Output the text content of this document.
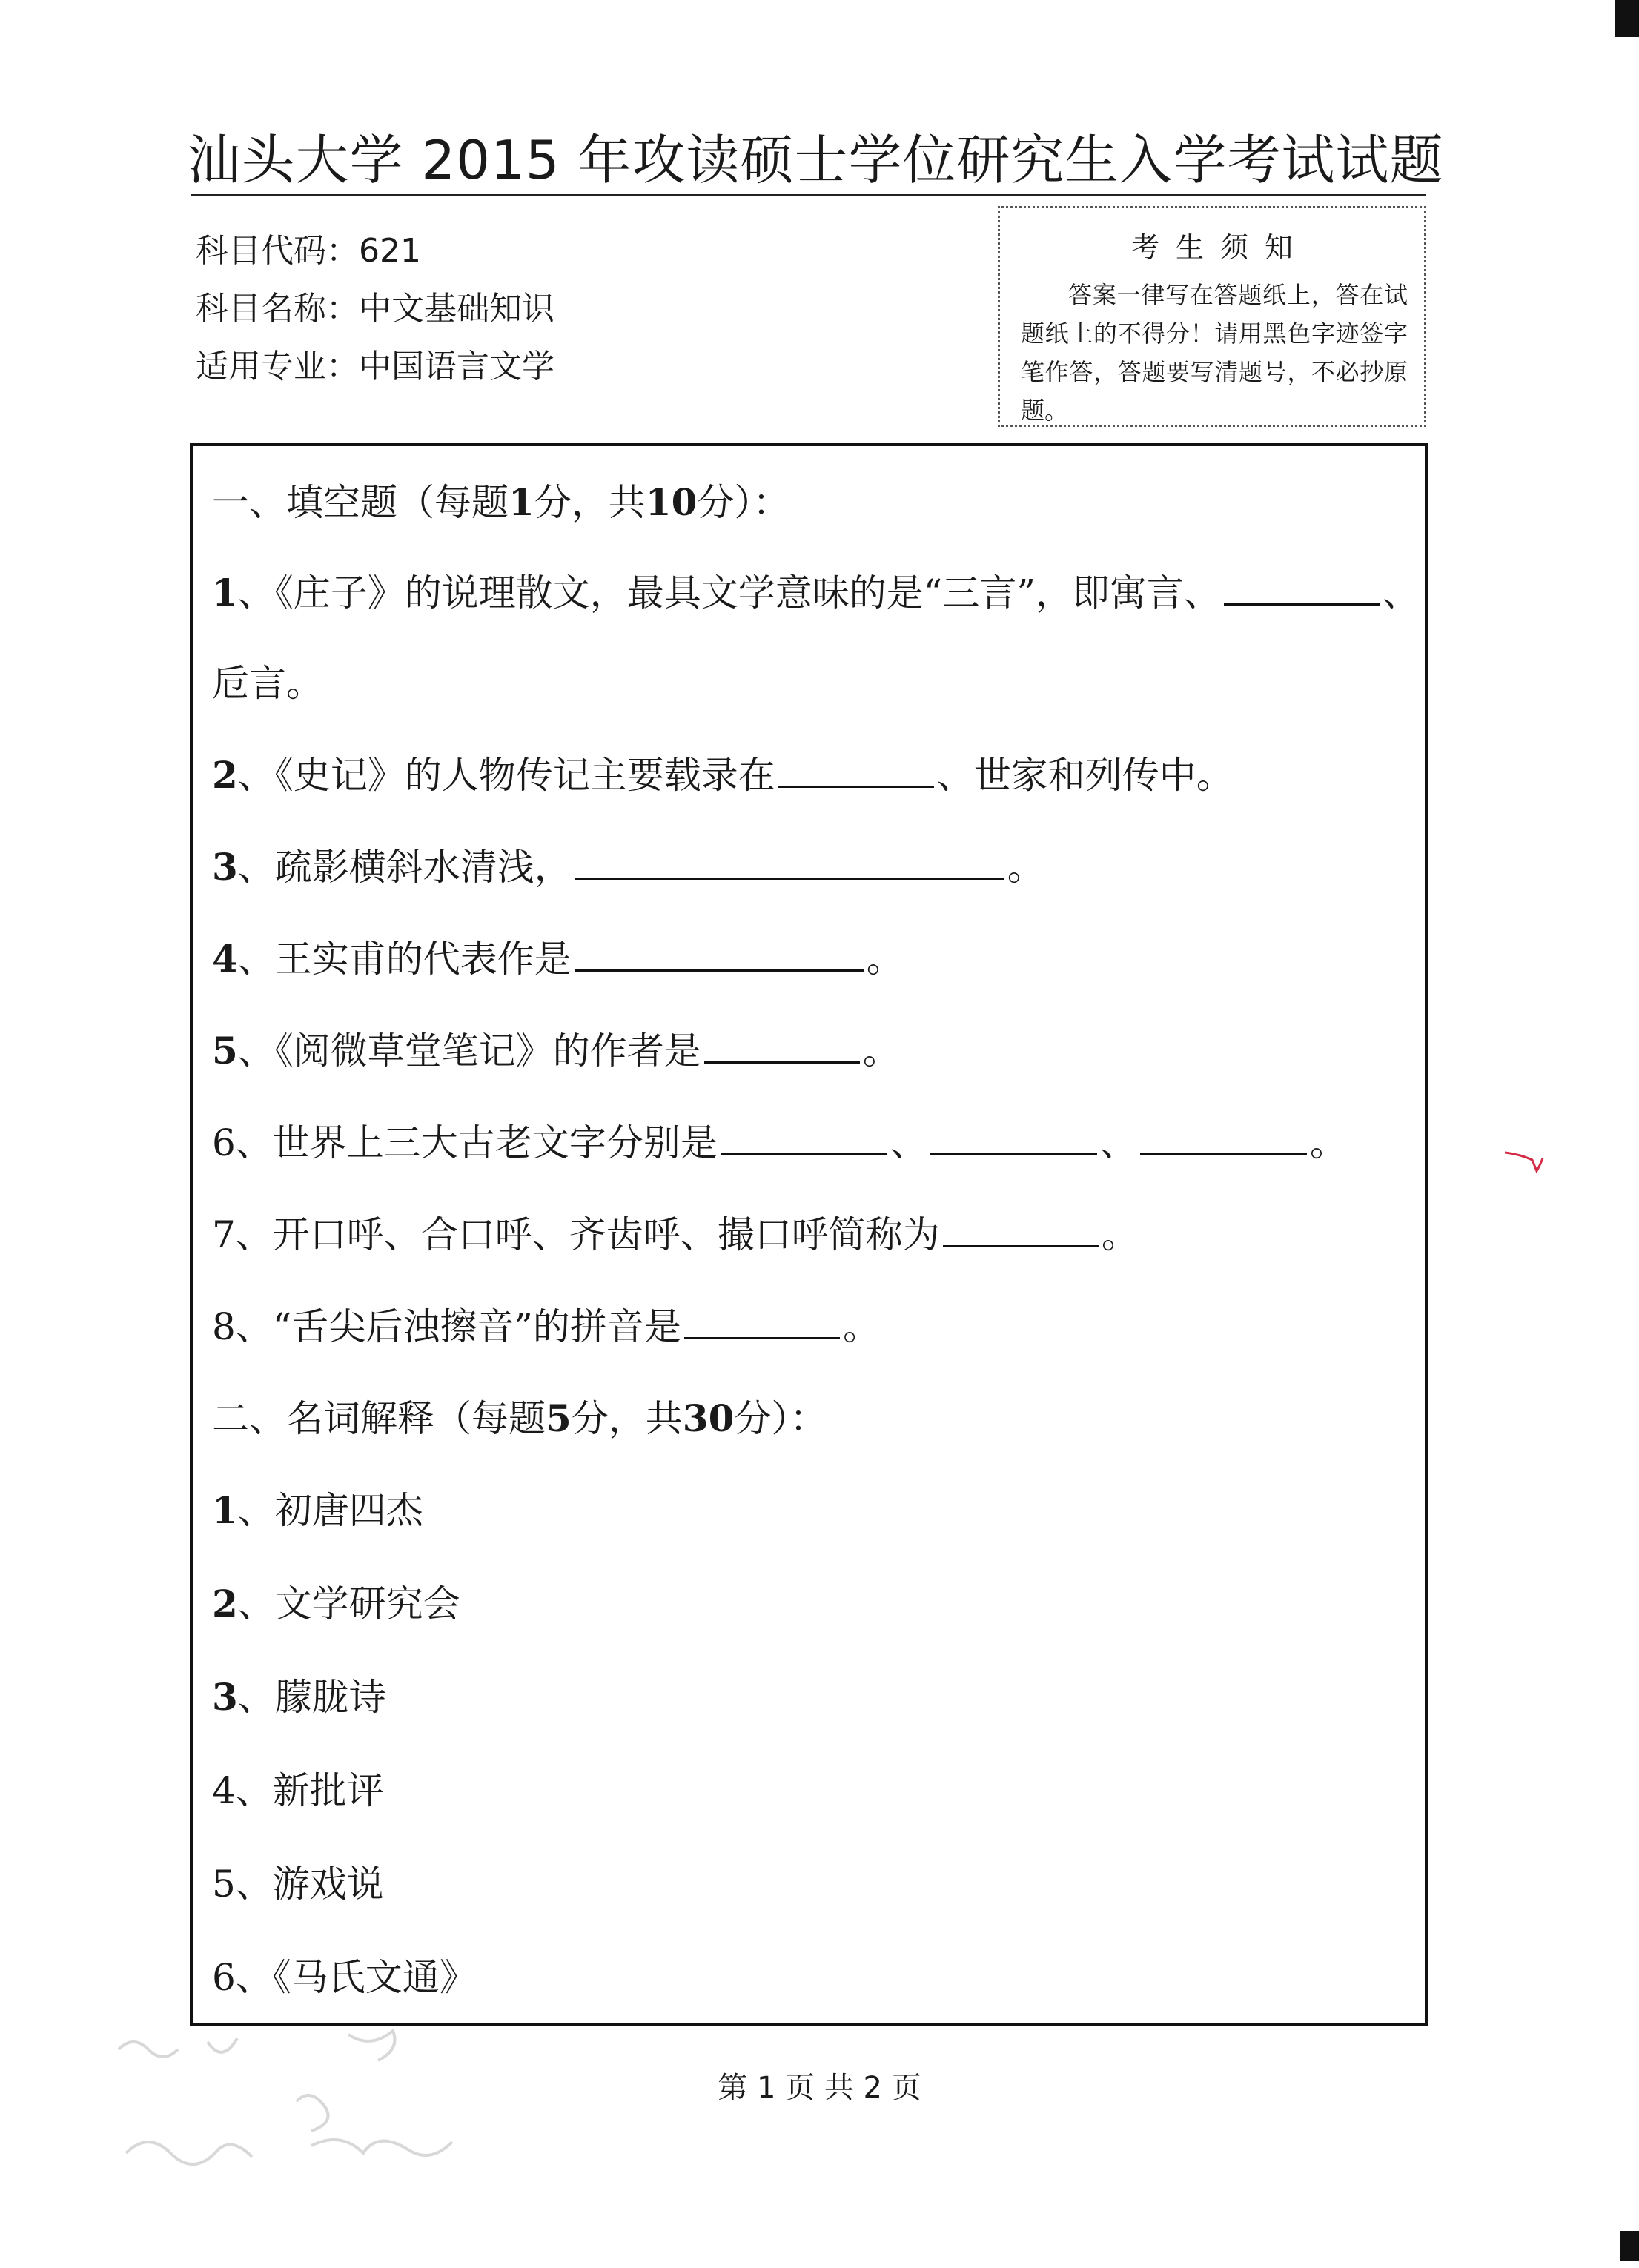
汕头大学 2015 年攻读硕士学位研究生入学考试试题
科目代码：621
科目名称：中文基础知识
适用专业：中国语言文学
考生须知
答案一律写在答题纸上，答在试题纸上的不得分！请用黑色字迹签字笔作答，答题要写清题号，不必抄原题。
一、填空题（每题1分，共10分）：
1、《庄子》的说理散文，最具文学意味的是“三言”，即寓言、	、
卮言。
2、《史记》的人物传记主要载录在	、世家和列传中。
3、疏影横斜水清浅，	。
4、王实甫的代表作是	。
5、《阅微草堂笔记》的作者是	。
6、世界上三大古老文字分别是	、	、	。
7、开口呼、合口呼、齐齿呼、撮口呼简称为	。
8、“舌尖后浊擦音”的拼音是	。
二、名词解释（每题5分，共30分）：
1、初唐四杰
2、文学研究会
3、朦胧诗
4、新批评
5、游戏说
6、《马氏文通》
第 1 页 共 2 页
